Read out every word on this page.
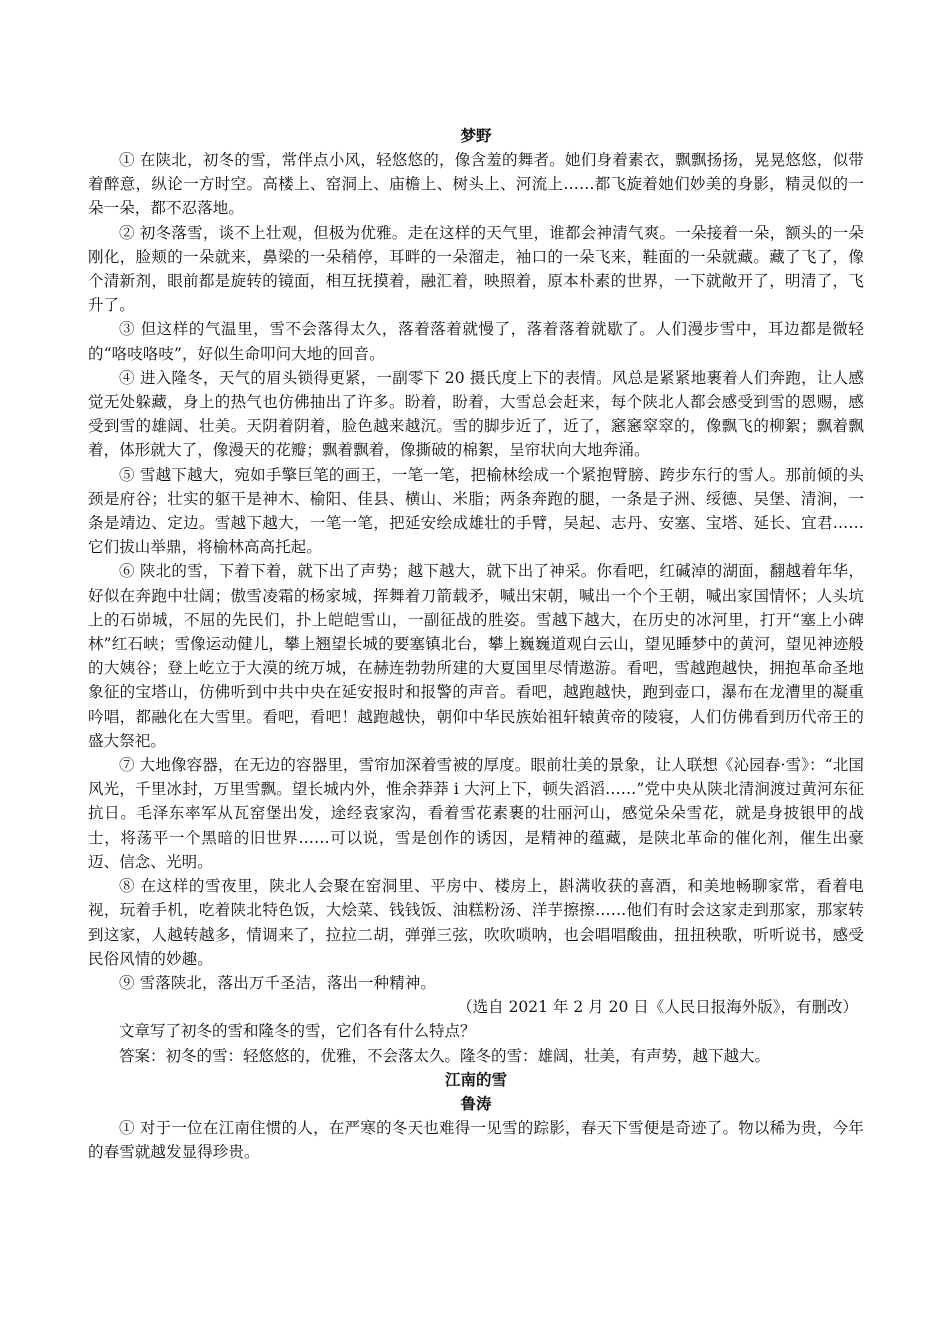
梦野

① 在陕北，初冬的雪，常伴点小风，轻悠悠的，像含羞的舞者。她们身着素衣，飘飘扬扬，晃晃悠悠，似带着醉意，纵论一方时空。高楼上、窑洞上、庙檐上、树头上、河流上……都飞旋着她们妙美的身影，精灵似的一朵一朵，都不忍落地。

② 初冬落雪，谈不上壮观，但极为优雅。走在这样的天气里，谁都会神清气爽。一朵接着一朵，额头的一朵刚化，脸颊的一朵就来，鼻梁的一朵稍停，耳畔的一朵溜走，袖口的一朵飞来，鞋面的一朵就藏。藏了飞了，像个清新剂，眼前都是旋转的镜面，相互抚摸着，融汇着，映照着，原本朴素的世界，一下就敞开了，明清了，飞升了。

③ 但这样的气温里，雪不会落得太久，落着落着就慢了，落着落着就歇了。人们漫步雪中，耳边都是微轻的“咯吱咯吱”，好似生命叩问大地的回音。

④ 进入隆冬，天气的眉头锁得更紧，一副零下 20 摄氏度上下的表情。风总是紧紧地裹着人们奔跑，让人感觉无处躲藏，身上的热气也仿佛抽出了许多。盼着，盼着，大雪总会赶来，每个陕北人都会感受到雪的恩赐，感受到雪的雄阔、壮美。天阴着阴着，脸色越来越沉。雪的脚步近了，近了，窸窸窣窣的，像飘飞的柳絮；飘着飘着，体形就大了，像漫天的花瓣；飘着飘着，像撕破的棉絮，呈帘状向大地奔涌。

⑤ 雪越下越大，宛如手擎巨笔的画王，一笔一笔，把榆林绘成一个紧抱臂膀、跨步东行的雪人。那前倾的头颈是府谷；壮实的躯干是神木、榆阳、佳县、横山、米脂；两条奔跑的腿，一条是子洲、绥德、吴堡、清涧，一条是靖边、定边。雪越下越大，一笔一笔，把延安绘成雄壮的手臂，吴起、志丹、安塞、宝塔、延长、宜君……它们拔山举鼎，将榆林高高托起。

⑥ 陕北的雪，下着下着，就下出了声势；越下越大，就下出了神采。你看吧，红碱淖的湖面，翻越着年华，好似在奔跑中壮阔；傲雪凌霜的杨家城，挥舞着刀箭载矛，喊出宋朝，喊出一个个王朝，喊出家国情怀；人头坑上的石峁城，不屈的先民们，扑上皑皑雪山，一副征战的胜姿。雪越下越大，在历史的冰河里，打开“塞上小碑林”红石峡；雪像运动健儿，攀上翘望长城的要塞镇北台，攀上巍巍道观白云山，望见睡梦中的黄河，望见神迹般的大姨谷；登上屹立于大漠的统万城，在赫连勃勃所建的大夏国里尽情遨游。看吧，雪越跑越快，拥抱革命圣地象征的宝塔山，仿佛听到中共中央在延安报时和报警的声音。看吧，越跑越快，跑到壶口，瀑布在龙漕里的凝重吟唱，都融化在大雪里。看吧，看吧！越跑越快，朝仰中华民族始祖轩辕黄帝的陵寝，人们仿佛看到历代帝王的盛大祭祀。

⑦ 大地像容器，在无边的容器里，雪帘加深着雪被的厚度。眼前壮美的景象，让人联想《沁园春·雪》：“北国风光，千里冰封，万里雪飘。望长城内外，惟余莽莽 i 大河上下，顿失滔滔……”党中央从陕北清涧渡过黄河东征抗日。毛泽东率军从瓦窑堡出发，途经袁家沟，看着雪花素裹的壮丽河山，感觉朵朵雪花，就是身披银甲的战士，将荡平一个黑暗的旧世界……可以说，雪是创作的诱因，是精神的蕴藏，是陕北革命的催化剂，催生出豪迈、信念、光明。

⑧ 在这样的雪夜里，陕北人会聚在窑洞里、平房中、楼房上，斟满收获的喜酒，和美地畅聊家常，看着电视，玩着手机，吃着陕北特色饭，大烩菜、钱钱饭、油糕粉汤、洋芋擦擦……他们有时会这家走到那家，那家转到这家，人越转越多，情调来了，拉拉二胡，弹弹三弦，吹吹唢呐，也会唱唱酸曲，扭扭秧歌，听听说书，感受民俗风情的妙趣。

⑨ 雪落陕北，落出万千圣洁，落出一种精神。

（选自 2021 年 2 月 20 日《人民日报海外版》，有删改）

文章写了初冬的雪和隆冬的雪，它们各有什么特点？

答案：初冬的雪：轻悠悠的，优雅，不会落太久。隆冬的雪：雄阔，壮美，有声势，越下越大。

江南的雪

鲁涛

① 对于一位在江南住惯的人，在严寒的冬天也难得一见雪的踪影，春天下雪便是奇迹了。物以稀为贵，今年的春雪就越发显得珍贵。
